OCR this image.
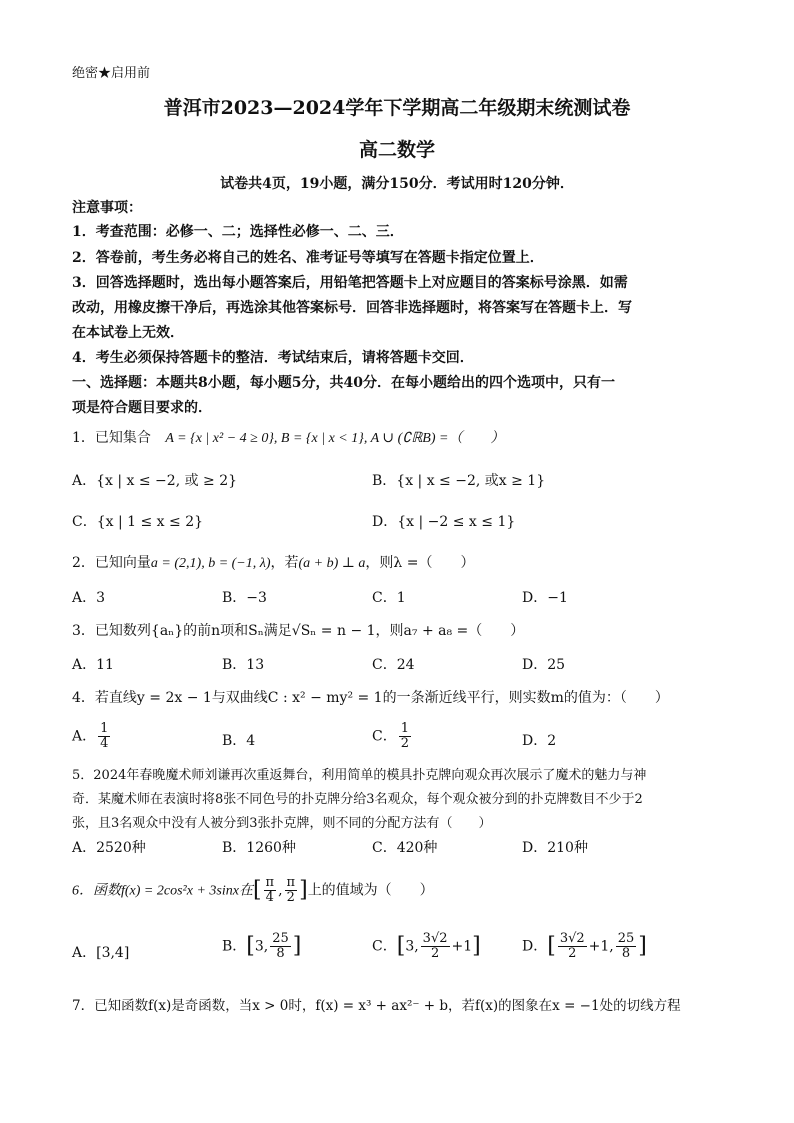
绝密★启用前
普洱市2023—2024学年下学期高二年级期末统测试卷
高二数学
试卷共4页，19小题，满分150分．考试用时120分钟．
注意事项：
1．考查范围：必修一、二；选择性必修一、二、三．
2．答卷前，考生务必将自己的姓名、准考证号等填写在答题卡指定位置上．
3．回答选择题时，选出每小题答案后，用铅笔把答题卡上对应题目的答案标号涂黑．如需
改动，用橡皮擦干净后，再选涂其他答案标号．回答非选择题时，将答案写在答题卡上．写
在本试卷上无效．
4．考生必须保持答题卡的整洁．考试结束后，请将答题卡交回．
一、选择题：本题共8小题，每小题5分，共40分．在每小题给出的四个选项中，只有一
项是符合题目要求的．
1．已知集合 A = {x | x² − 4 ≥ 0}, B = {x | x < 1}, A ∪ (∁ℝB) =（　　）
A．{x | x ≤ −2, 或 ≥ 2}	B．{x | x ≤ −2, 或x ≥ 1}
C．{x | 1 ≤ x ≤ 2}	D．{x | −2 ≤ x ≤ 1}
2．已知向量a = (2,1), b = (−1, λ)，若(a + b) ⊥ a，则λ =（　　）
A．3	B．−3	C．1	D．−1
3．已知数列{aₙ}的前n项和Sₙ满足√Sₙ = n − 1，则a₇ + a₈ =（　　）
A．11	B．13	C．24	D．25
4．若直线y = 2x − 1与双曲线C : x² − my² = 1的一条渐近线平行，则实数m的值为：（　　）
A． $\frac{1}{4}$	B．4	C． $\frac{1}{2}$	D．2
5．2024年春晚魔术师刘谦再次重返舞台，利用简单的模具扑克牌向观众再次展示了魔术的魅力与神
奇．某魔术师在表演时将8张不同色号的扑克牌分给3名观众，每个观众被分到的扑克牌数目不少于2
张，且3名观众中没有人被分到3张扑克牌，则不同的分配方法有（　　）
A．2520种	B．1260种	C．420种	D．210种
6．函数f(x) = 2cos²x + 3sinx在[ $\frac{\pi}{4}$ , $\frac{\pi}{2}$ ]上的值域为（　　）
A．[3,4]	B．[3, $\frac{25}{8}$ ]	C．[3, $\frac{3√2}{2} +1$]	D．[ $\frac{3√2}{2} +1$, $\frac{25}{8}$ ]
7．已知函数f(x)是奇函数，当x > 0时，f(x) = x³ + ax²⁻ + b，若f(x)的图象在x = −1处的切线方程
